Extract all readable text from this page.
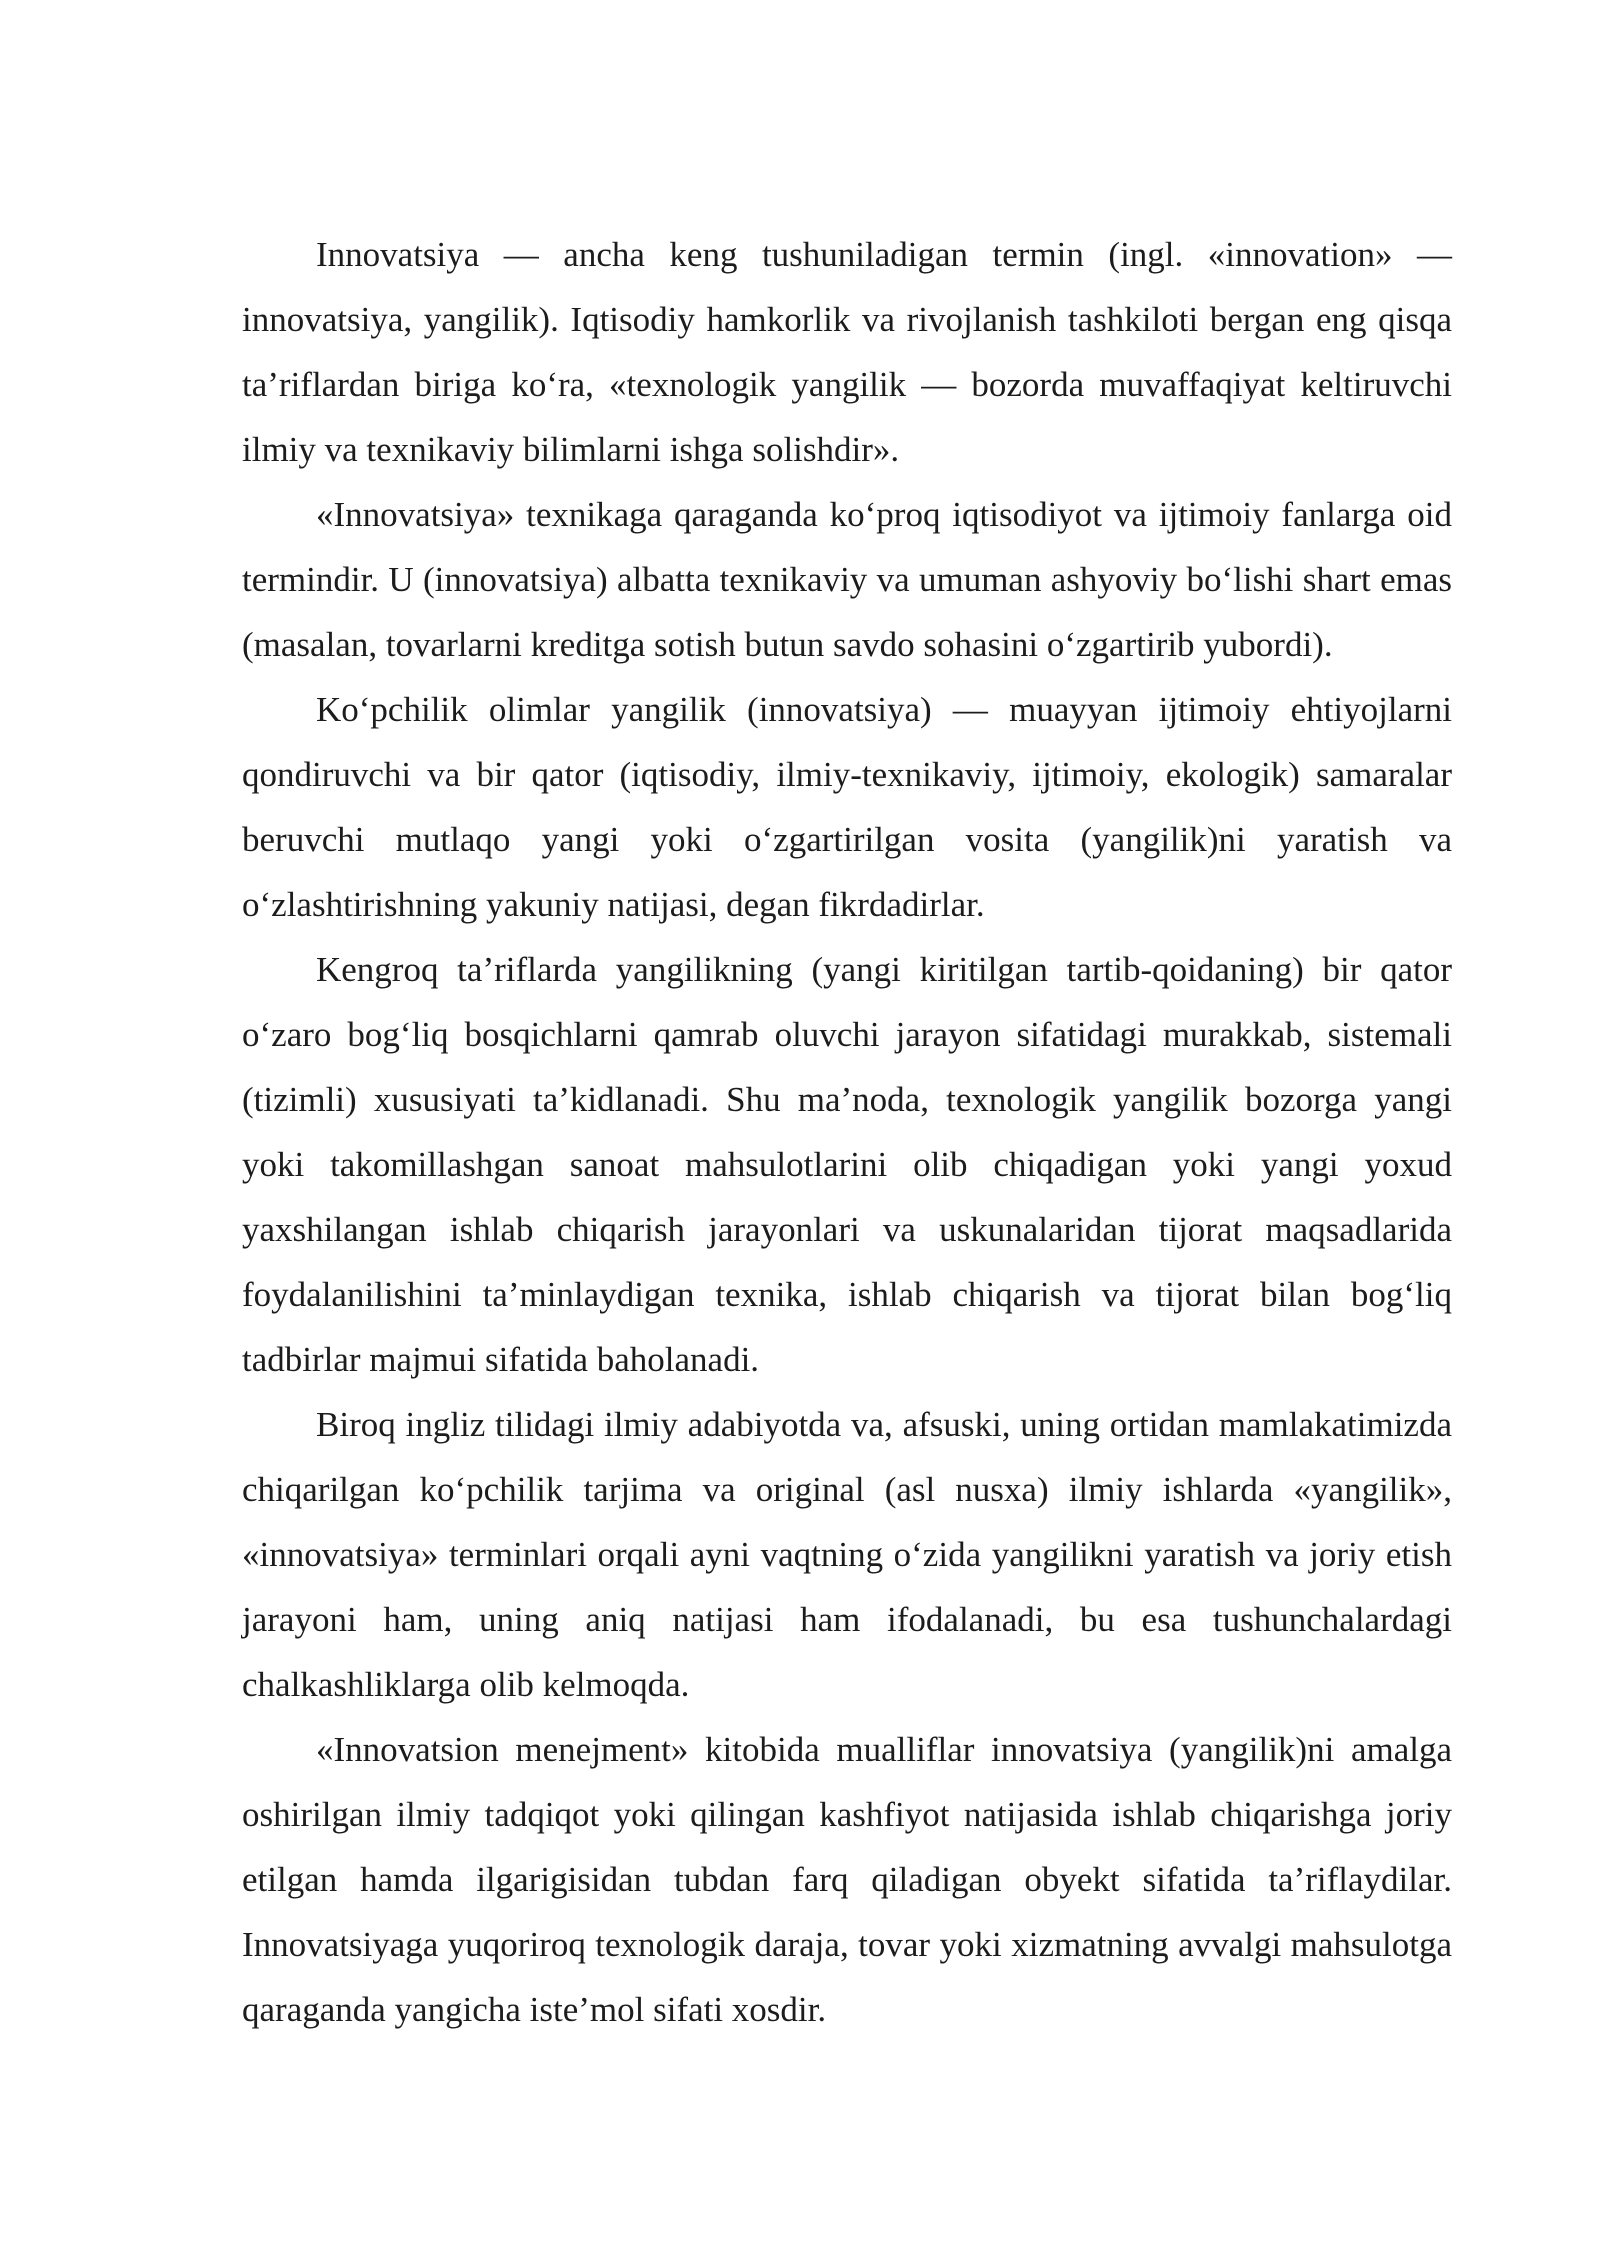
Innovatsiya — ancha keng tushuniladigan termin (ingl. «innovation» — innovatsiya, yangilik). Iqtisodiy hamkorlik va rivojlanish tashkiloti bergan eng qisqa ta’riflardan biriga ko‘ra, «texnologik yangilik — bozorda muvaffaqiyat keltiruvchi ilmiy va texnikaviy bilimlarni ishga solishdir».

«Innovatsiya» texnikaga qaraganda ko‘proq iqtisodiyot va ijtimoiy fanlarga oid termindir. U (innovatsiya) albatta texnikaviy va umuman ashyoviy bo‘lishi shart emas (masalan, tovarlarni kreditga sotish butun savdo sohasini o‘zgartirib yubordi).

Ko‘pchilik olimlar yangilik (innovatsiya) — muayyan ijtimoiy ehtiyojlarni qondiruvchi va bir qator (iqtisodiy, ilmiy-texnikaviy, ijtimoiy, ekologik) samaralar beruvchi mutlaqo yangi yoki o‘zgartirilgan vosita (yangilik)ni yaratish va o‘zlashtirishning yakuniy natijasi, degan fikrdadirlar.

Kengroq ta’riflarda yangilikning (yangi kiritilgan tartib-qoidaning) bir qator o‘zaro bog‘liq bosqichlarni qamrab oluvchi jarayon sifatidagi murakkab, sistemali (tizimli) xususiyati ta’kidlanadi. Shu ma’noda, texnologik yangilik bozorga yangi yoki takomillashgan sanoat mahsulotlarini olib chiqadigan yoki yangi yoxud yaxshilangan ishlab chiqarish jarayonlari va uskunalaridan tijorat maqsadlarida foydalanilishini ta’minlaydigan texnika, ishlab chiqarish va tijorat bilan bog‘liq tadbirlar majmui sifatida baholanadi.

Biroq ingliz tilidagi ilmiy adabiyotda va, afsuski, uning ortidan mamlakatimizda chiqarilgan ko‘pchilik tarjima va original (asl nusxa) ilmiy ishlarda «yangilik», «innovatsiya» terminlari orqali ayni vaqtning o‘zida yangilikni yaratish va joriy etish jarayoni ham, uning aniq natijasi ham ifodalanadi, bu esa tushunchalardagi chalkashliklarga olib kelmoqda.

«Innovatsion menejment» kitobida mualliflar innovatsiya (yangilik)ni amalga oshirilgan ilmiy tadqiqot yoki qilingan kashfiyot natijasida ishlab chiqarishga joriy etilgan hamda ilgarigisidan tubdan farq qiladigan obyekt sifatida ta’riflaydilar. Innovatsiyaga yuqoriroq texnologik daraja, tovar yoki xizmatning avvalgi mahsulotga qaraganda yangicha iste’mol sifati xosdir.
